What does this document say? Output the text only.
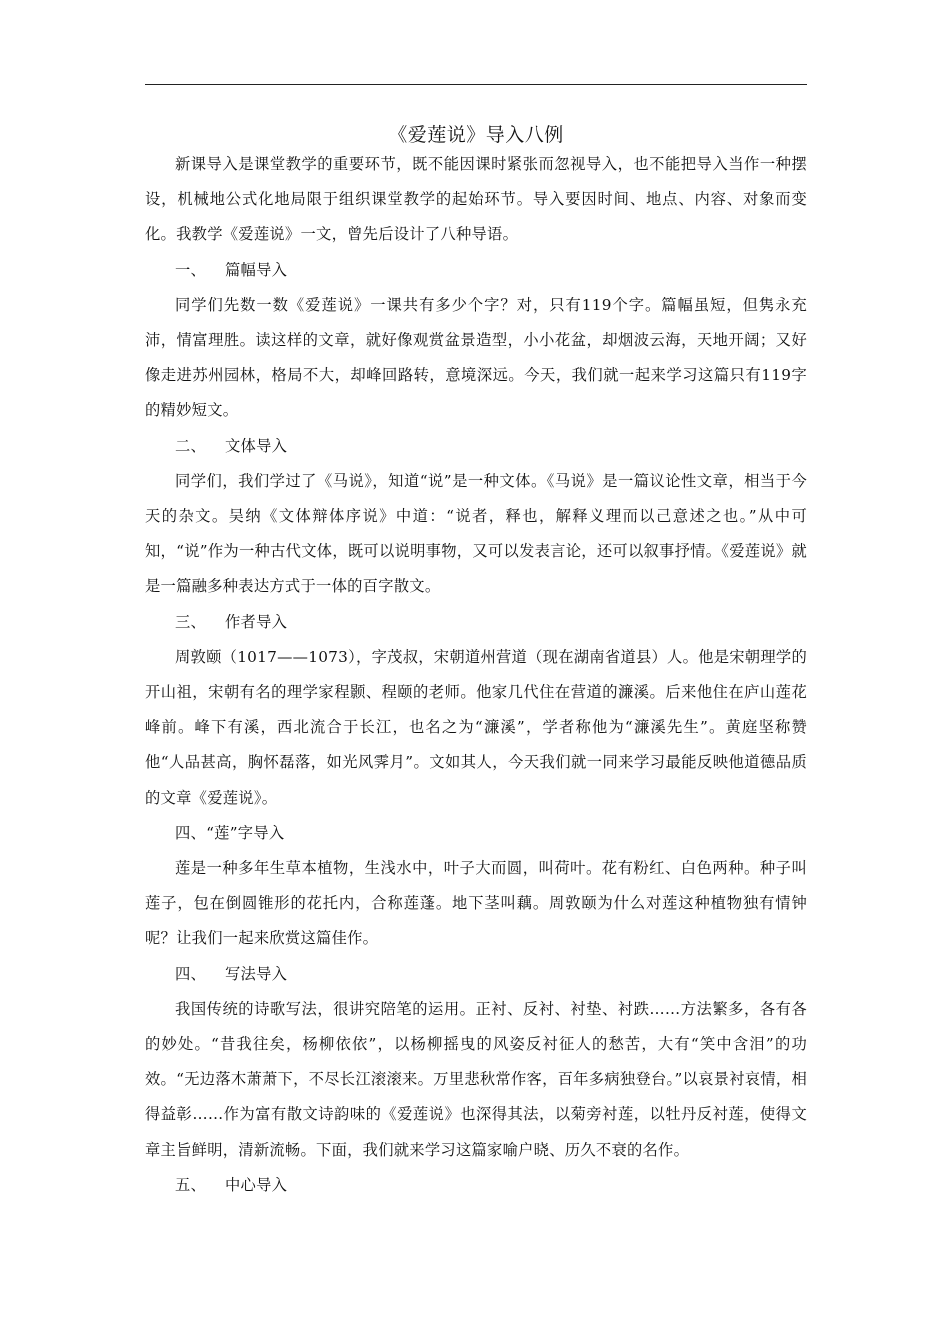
《爱莲说》导入八例

新课导入是课堂教学的重要环节，既不能因课时紧张而忽视导入，也不能把导入当作一种摆设，机械地公式化地局限于组织课堂教学的起始环节。导入要因时间、地点、内容、对象而变化。我教学《爱莲说》一文，曾先后设计了八种导语。

一、 篇幅导入

同学们先数一数《爱莲说》一课共有多少个字？对，只有119个字。篇幅虽短，但隽永充沛，情富理胜。读这样的文章，就好像观赏盆景造型，小小花盆，却烟波云海，天地开阔；又好像走进苏州园林，格局不大，却峰回路转，意境深远。今天，我们就一起来学习这篇只有119字的精妙短文。

二、 文体导入

同学们，我们学过了《马说》，知道“说”是一种文体。《马说》是一篇议论性文章，相当于今天的杂文。吴纳《文体辩体序说》中道：“说者，释也，解释义理而以己意述之也。”从中可知，“说”作为一种古代文体，既可以说明事物，又可以发表言论，还可以叙事抒情。《爱莲说》就是一篇融多种表达方式于一体的百字散文。

三、 作者导入

周敦颐（1017——1073），字茂叔，宋朝道州营道（现在湖南省道县）人。他是宋朝理学的开山祖，宋朝有名的理学家程颢、程颐的老师。他家几代住在营道的濂溪。后来他住在庐山莲花峰前。峰下有溪，西北流合于长江，也名之为“濂溪”，学者称他为“濂溪先生”。黄庭坚称赞他“人品甚高，胸怀磊落，如光风霁月”。文如其人，今天我们就一同来学习最能反映他道德品质的文章《爱莲说》。

四、“莲”字导入

莲是一种多年生草本植物，生浅水中，叶子大而圆，叫荷叶。花有粉红、白色两种。种子叫莲子，包在倒圆锥形的花托内，合称莲蓬。地下茎叫藕。周敦颐为什么对莲这种植物独有情钟呢？让我们一起来欣赏这篇佳作。

四、 写法导入

我国传统的诗歌写法，很讲究陪笔的运用。正衬、反衬、衬垫、衬跌……方法繁多，各有各的妙处。“昔我往矣，杨柳依依”，以杨柳摇曳的风姿反衬征人的愁苦，大有“笑中含泪”的功效。“无边落木萧萧下，不尽长江滚滚来。万里悲秋常作客，百年多病独登台。”以哀景衬哀情，相得益彰……作为富有散文诗韵味的《爱莲说》也深得其法，以菊旁衬莲，以牡丹反衬莲，使得文章主旨鲜明，清新流畅。下面，我们就来学习这篇家喻户晓、历久不衰的名作。

五、 中心导入
